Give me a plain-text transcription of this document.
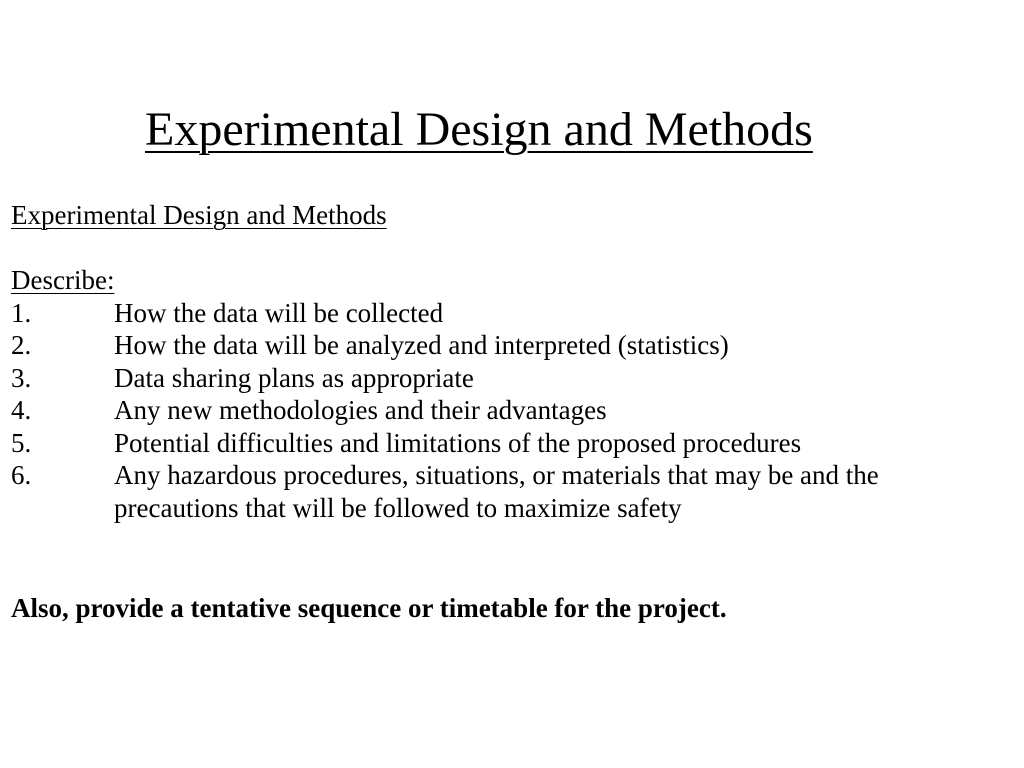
Experimental Design and Methods
Experimental Design and Methods
Describe:
1.	How the data will be collected
2.	How the data will be analyzed and interpreted (statistics)
3.	Data sharing plans as appropriate
4.	Any new methodologies and their advantages
5.	Potential difficulties and limitations of the proposed procedures
6.	Any hazardous procedures, situations, or materials that may be and the precautions that will be followed to maximize safety
Also, provide a tentative sequence or timetable for the project.
